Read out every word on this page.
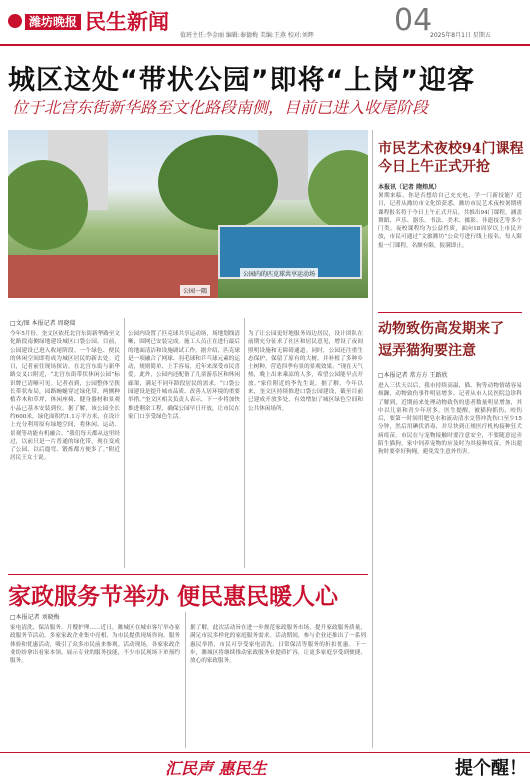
潍坊晚报 民生新闻
值班主任:李金丽 编辑:秦德梅 美编:王燕 校对:刘辉	04
2025年8月1日 星期五
城区这处“带状公园”即将“上岗”迎客
位于北宫东街新华路至文化路段南侧，目前已进入收尾阶段
公园内的匹克球共享运动场
公园一隅
□文/图 本报记者 周晓瑞
今年5月份，奎文区依托北宫东街新华路至文化路段南侧绿地建设城区口袋公园。目前，公园建设已进入收尾阶段。一个绿色、便民的休闲空间即将成为城区居民的新去处。近日，记者前往现场探访。在北宫东街与新华路交叉口附近，“北宫东街带状休闲公园”标识牌已清晰可见。记者看到，公园整体呈狭长带状布局，园路蜿蜒穿过绿化带，两侧种植乔木和草坪，休闲座椅、健身器材和景观小品已基本安装到位。据了解，该公园全长约600米，绿化面积约1.1万平方米，在设计上充分利用原有绿地空间，将休闲、运动、景观等功能有机融合。“我们每天都从这里经过，以前只是一片普通的绿化带，现在变成了公园，以后遛弯、锻炼都方便多了。”附近居民王女士说。
公园内设置了匹克球共享运动场，场地划线清晰，围网已安装完成。施工人员正在进行最后的地面清洁和设施调试工作。据介绍，匹克球是一项融合了网球、羽毛球和乒乓球元素的运动，规则简单、上手容易，近年来深受市民喜爱。此外，公园内还配备了儿童游乐区和休闲廊架，满足不同年龄段居民的需求。“口袋公园建设是提升城市品质、改善人居环境的重要举措。”奎文区相关负责人表示，下一步将加快推进剩余工程，确保公园早日开放，让市民在家门口享受绿色生活。
为了让公园更好地服务周边居民，设计团队在前期充分征求了社区和居民意见，增设了夜间照明设施和无障碍通道。同时，公园还注重生态保护，保留了原有的大树，并补植了多种乡土树种，营造四季有景的景观效果。“现在天气热，晚上出来乘凉的人多，希望公园能早点开放。”家住附近的李先生说。据了解，今年以来，奎文区持续推进口袋公园建设，截至目前已建成开放多处，有效增加了城区绿色空间和公共休闲场所。
市民艺术夜校94门课程
今日上午正式开抢
本报讯（记者 隋炜凤）
暑期来临，你是否想给自己充充电、学一门新技能？近日，记者从潍坊市文化馆获悉，潍坊市民艺术夜校暑期班课程报名将于今日上午正式开启，共推出94门课程，涵盖舞蹈、声乐、器乐、书法、美术、摄影、非遗技艺等多个门类。夜校课程均为公益性质，面向18周岁以上市民开放，市民可通过“文旅潍坊”公众号进行线上报名，每人限报一门课程，名额有限，报满即止。
动物致伤高发期来了
逗弄猫狗要注意
□本报记者 常方方 王路欣
进入三伏天以后，我市持续高温，猫、狗等动物情绪容易烦躁，动物致伤事件明显增多。记者从市人民医院急诊科了解到，近期前来处理动物致伤的患者数量明显增加，其中以儿童和青少年居多。医生提醒，被猫狗抓伤、咬伤后，要第一时间用肥皂水和流动清水交替冲洗伤口至少15分钟，然后用碘伏消毒，并尽快到正规医疗机构接种狂犬病疫苗。市民在与宠物接触时要注意安全，不要随意逗弄陌生猫狗，家中饲养宠物的应及时为其接种疫苗，外出遛狗时要牵好狗绳，避免发生意外伤害。
家政服务节举办 便民惠民暖人心
□本报记者 刘晓梅
家电清洗、保洁服务、月嫂护理……近日，潍城区在城市客厅举办家政服务节活动，多家家政企业集中亮相，为市民提供现场咨询、服务体验和优惠活动，吸引了众多市民前来参观。活动现场，各家家政企业纷纷拿出看家本领，展示专业的服务技能，不少市民现场下单预约服务。
据了解，此次活动旨在进一步规范家政服务市场，提升家政服务质量，满足市民多样化的家庭服务需求。活动期间，参与企业还推出了一系列惠民举措，市民可享受家电清洗、日常保洁等服务的折扣优惠。下一步，潍城区将继续推动家政服务业提质扩容，让更多家庭享受到便捷、放心的家政服务。
汇民声 惠民生	提个醒！
